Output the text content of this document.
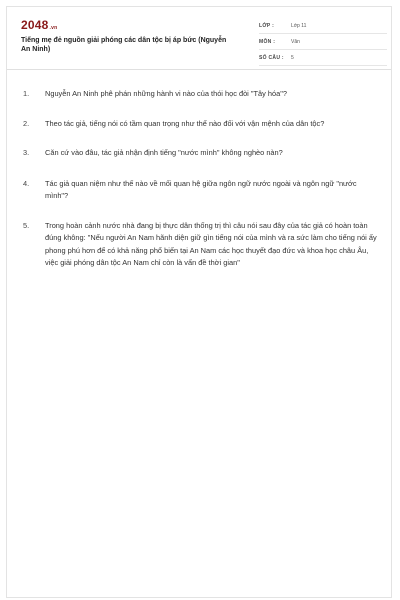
2048.vn
Tiếng mẹ đẻ nguồn giải phóng các dân tộc bị áp bức (Nguyễn An Ninh)
LỚP :	Lớp 11
MÔN :	Văn
SỐ CÂU : 5
1.	Nguyễn An Ninh phê phán những hành vi nào của thói học đòi "Tây hóa"?
2.	Theo tác giả, tiếng nói có tầm quan trọng như thế nào đối với vận mệnh của dân tộc?
3.	Căn cứ vào đâu, tác giả nhận định tiếng "nước mình" không nghèo nàn?
4.	Tác giả quan niệm như thế nào về mối quan hệ giữa ngôn ngữ nước ngoài và ngôn ngữ "nước mình"?
5.	Trong hoàn cảnh nước nhà đang bị thực dân thống trị thì câu nói sau đây của tác giả có hoàn toàn đúng không: "Nếu người An Nam hãnh diện giữ gìn tiếng nói của mình và ra sức làm cho tiếng nói ấy phong phú hơn để có khả năng phổ biến tại An Nam các học thuyết đạo đức và khoa học châu Âu, việc giải phóng dân tộc An Nam chỉ còn là vấn đề thời gian"
